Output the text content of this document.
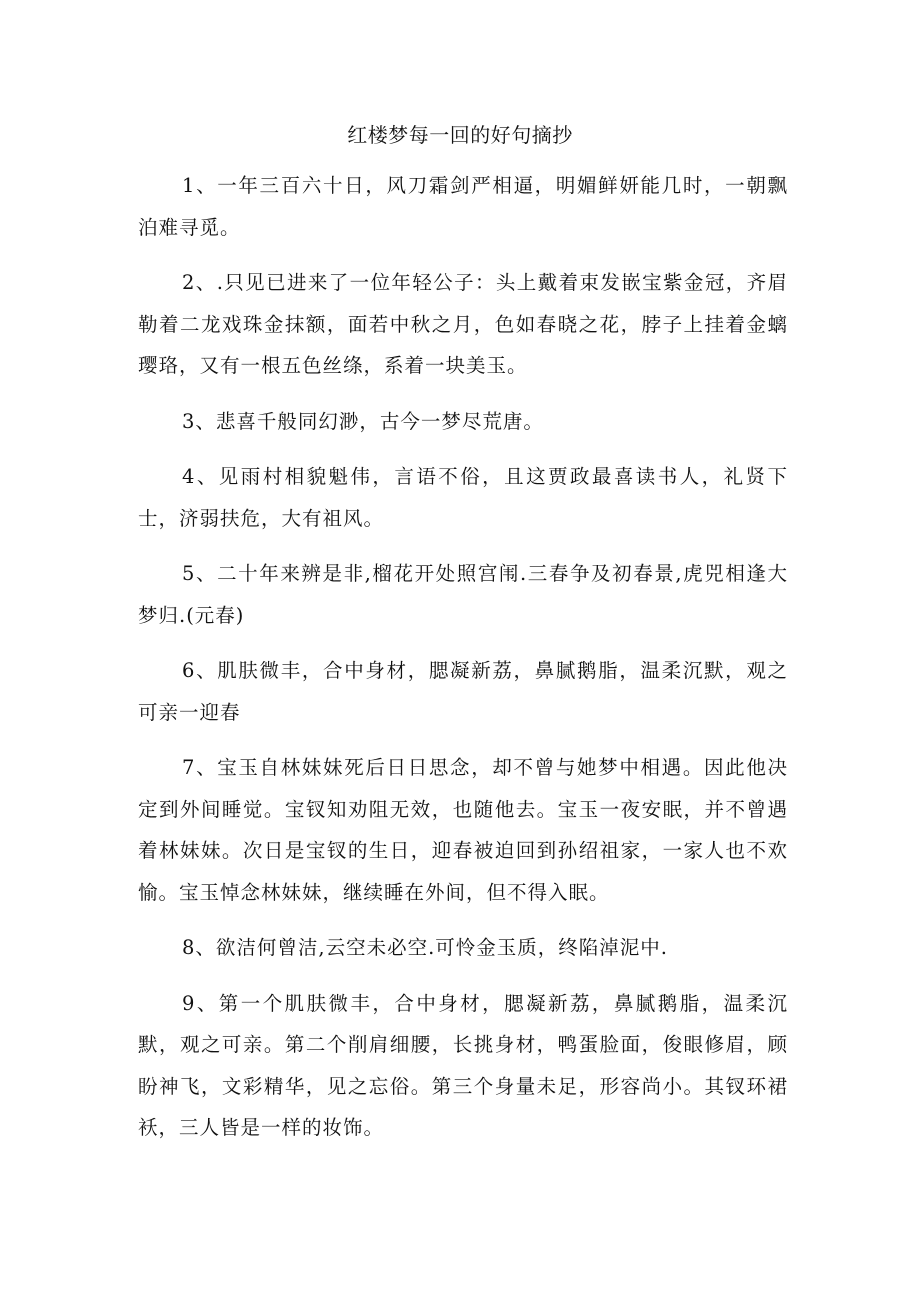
红楼梦每一回的好句摘抄

1、一年三百六十日，风刀霜剑严相逼，明媚鲜妍能几时，一朝飘泊难寻觅。

2、.只见已进来了一位年轻公子：头上戴着束发嵌宝紫金冠，齐眉勒着二龙戏珠金抹额，面若中秋之月，色如春晓之花，脖子上挂着金螭璎珞，又有一根五色丝绦，系着一块美玉。

3、悲喜千般同幻渺，古今一梦尽荒唐。

4、见雨村相貌魁伟，言语不俗，且这贾政最喜读书人，礼贤下士，济弱扶危，大有祖风。

5、二十年来辨是非,榴花开处照宫闱.三春争及初春景,虎兕相逢大梦归.(元春)

6、肌肤微丰，合中身材，腮凝新荔，鼻腻鹅脂，温柔沉默，观之可亲一迎春

7、宝玉自林妹妹死后日日思念，却不曾与她梦中相遇。因此他决定到外间睡觉。宝钗知劝阻无效，也随他去。宝玉一夜安眠，并不曾遇着林妹妹。次日是宝钗的生日，迎春被迫回到孙绍祖家，一家人也不欢愉。宝玉悼念林妹妹，继续睡在外间，但不得入眠。

8、欲洁何曾洁,云空未必空.可怜金玉质，终陷淖泥中.

9、第一个肌肤微丰，合中身材，腮凝新荔，鼻腻鹅脂，温柔沉默，观之可亲。第二个削肩细腰，长挑身材，鸭蛋脸面，俊眼修眉，顾盼神飞，文彩精华，见之忘俗。第三个身量未足，形容尚小。其钗环裙袄，三人皆是一样的妆饰。
